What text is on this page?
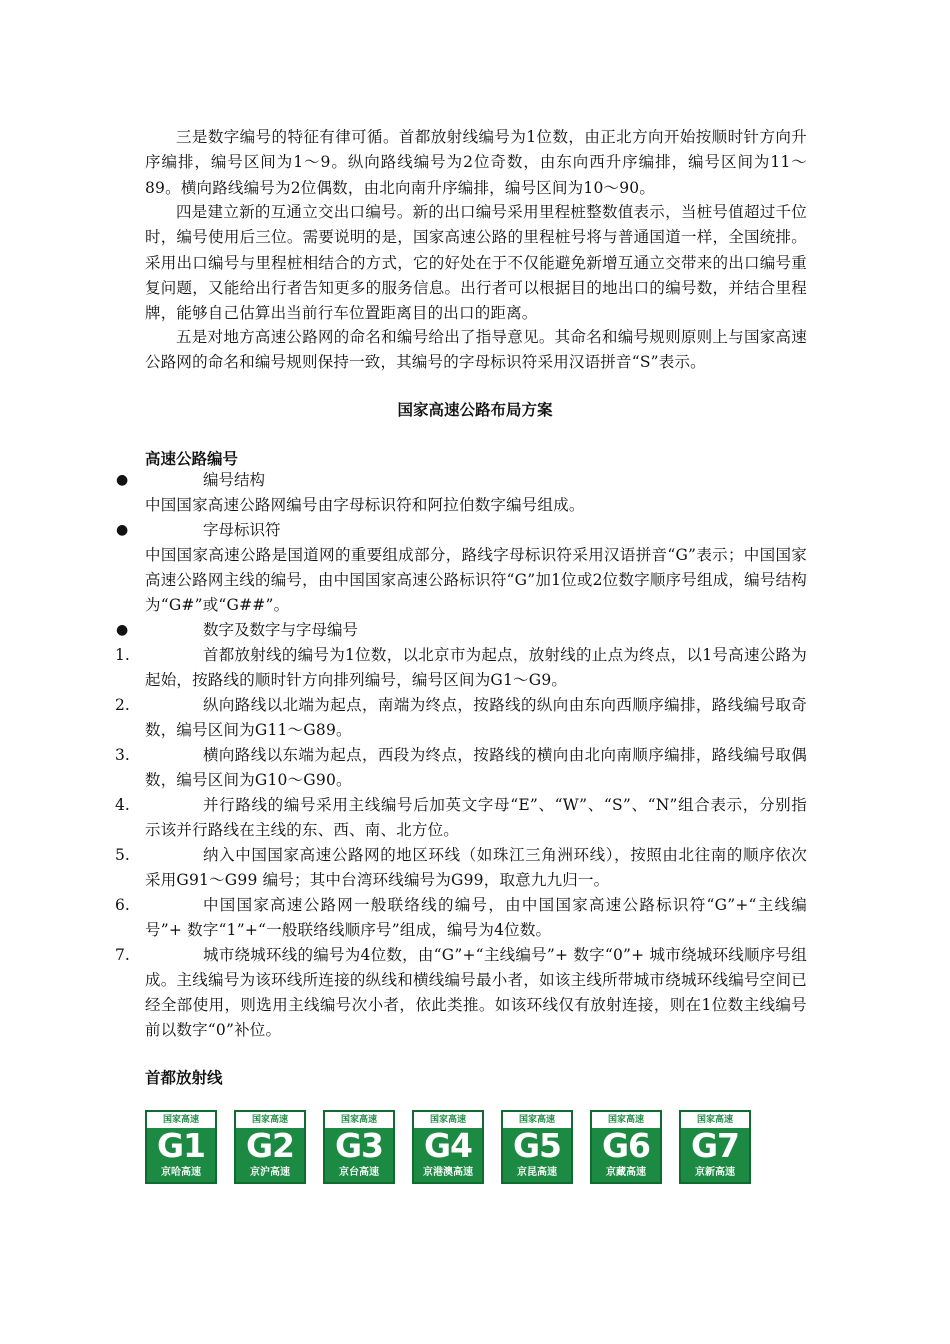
三是数字编号的特征有律可循。首都放射线编号为1位数，由正北方向开始按顺时针方向升序编排，编号区间为1～9。纵向路线编号为2位奇数，由东向西升序编排，编号区间为11～89。横向路线编号为2位偶数，由北向南升序编排，编号区间为10～90。

四是建立新的互通立交出口编号。新的出口编号采用里程桩整数值表示，当桩号值超过千位时，编号使用后三位。需要说明的是，国家高速公路的里程桩号将与普通国道一样，全国统排。采用出口编号与里程桩相结合的方式，它的好处在于不仅能避免新增互通立交带来的出口编号重复问题，又能给出行者告知更多的服务信息。出行者可以根据目的地出口的编号数，并结合里程牌，能够自己估算出当前行车位置距离目的出口的距离。

五是对地方高速公路网的命名和编号给出了指导意见。其命名和编号规则原则上与国家高速公路网的命名和编号规则保持一致，其编号的字母标识符采用汉语拼音“S”表示。

国家高速公路布局方案
高速公路编号
●	编号结构

中国国家高速公路网编号由字母标识符和阿拉伯数字编号组成。

●	字母标识符

中国国家高速公路是国道网的重要组成部分，路线字母标识符采用汉语拼音“G”表示；中国国家高速公路网主线的编号，由中国国家高速公路标识符“G”加1位或2位数字顺序号组成，编号结构为“G#”或“G##”。

●	数字及数字与字母编号
1.	首都放射线的编号为1位数，以北京市为起点，放射线的止点为终点，以1号高速公路为起始，按路线的顺时针方向排列编号，编号区间为G1～G9。

2.	纵向路线以北端为起点，南端为终点，按路线的纵向由东向西顺序编排，路线编号取奇数，编号区间为G11～G89。

3.	横向路线以东端为起点，西段为终点，按路线的横向由北向南顺序编排，路线编号取偶数，编号区间为G10～G90。

4.	并行路线的编号采用主线编号后加英文字母“E”、“W”、“S”、“N”组合表示，分别指示该并行路线在主线的东、西、南、北方位。

5.	纳入中国国家高速公路网的地区环线（如珠江三角洲环线），按照由北往南的顺序依次采用G91～G99 编号；其中台湾环线编号为G99，取意九九归一。

6.	中国国家高速公路网一般联络线的编号，由中国国家高速公路标识符“G”+“主线编号”+ 数字“1”+“一般联络线顺序号”组成，编号为4位数。

7.	城市绕城环线的编号为4位数，由“G”+“主线编号”+ 数字“0”+ 城市绕城环线顺序号组成。主线编号为该环线所连接的纵线和横线编号最小者，如该主线所带城市绕城环线编号空间已经全部使用，则选用主线编号次小者，依此类推。如该环线仅有放射连接，则在1位数主线编号前以数字“0”补位。

首都放射线
国家高速
G1
京哈高速
国家高速
G2
京沪高速
国家高速
G3
京台高速
国家高速
G4
京港澳高速
国家高速
G5
京昆高速
国家高速
G6
京藏高速
国家高速
G7
京新高速
